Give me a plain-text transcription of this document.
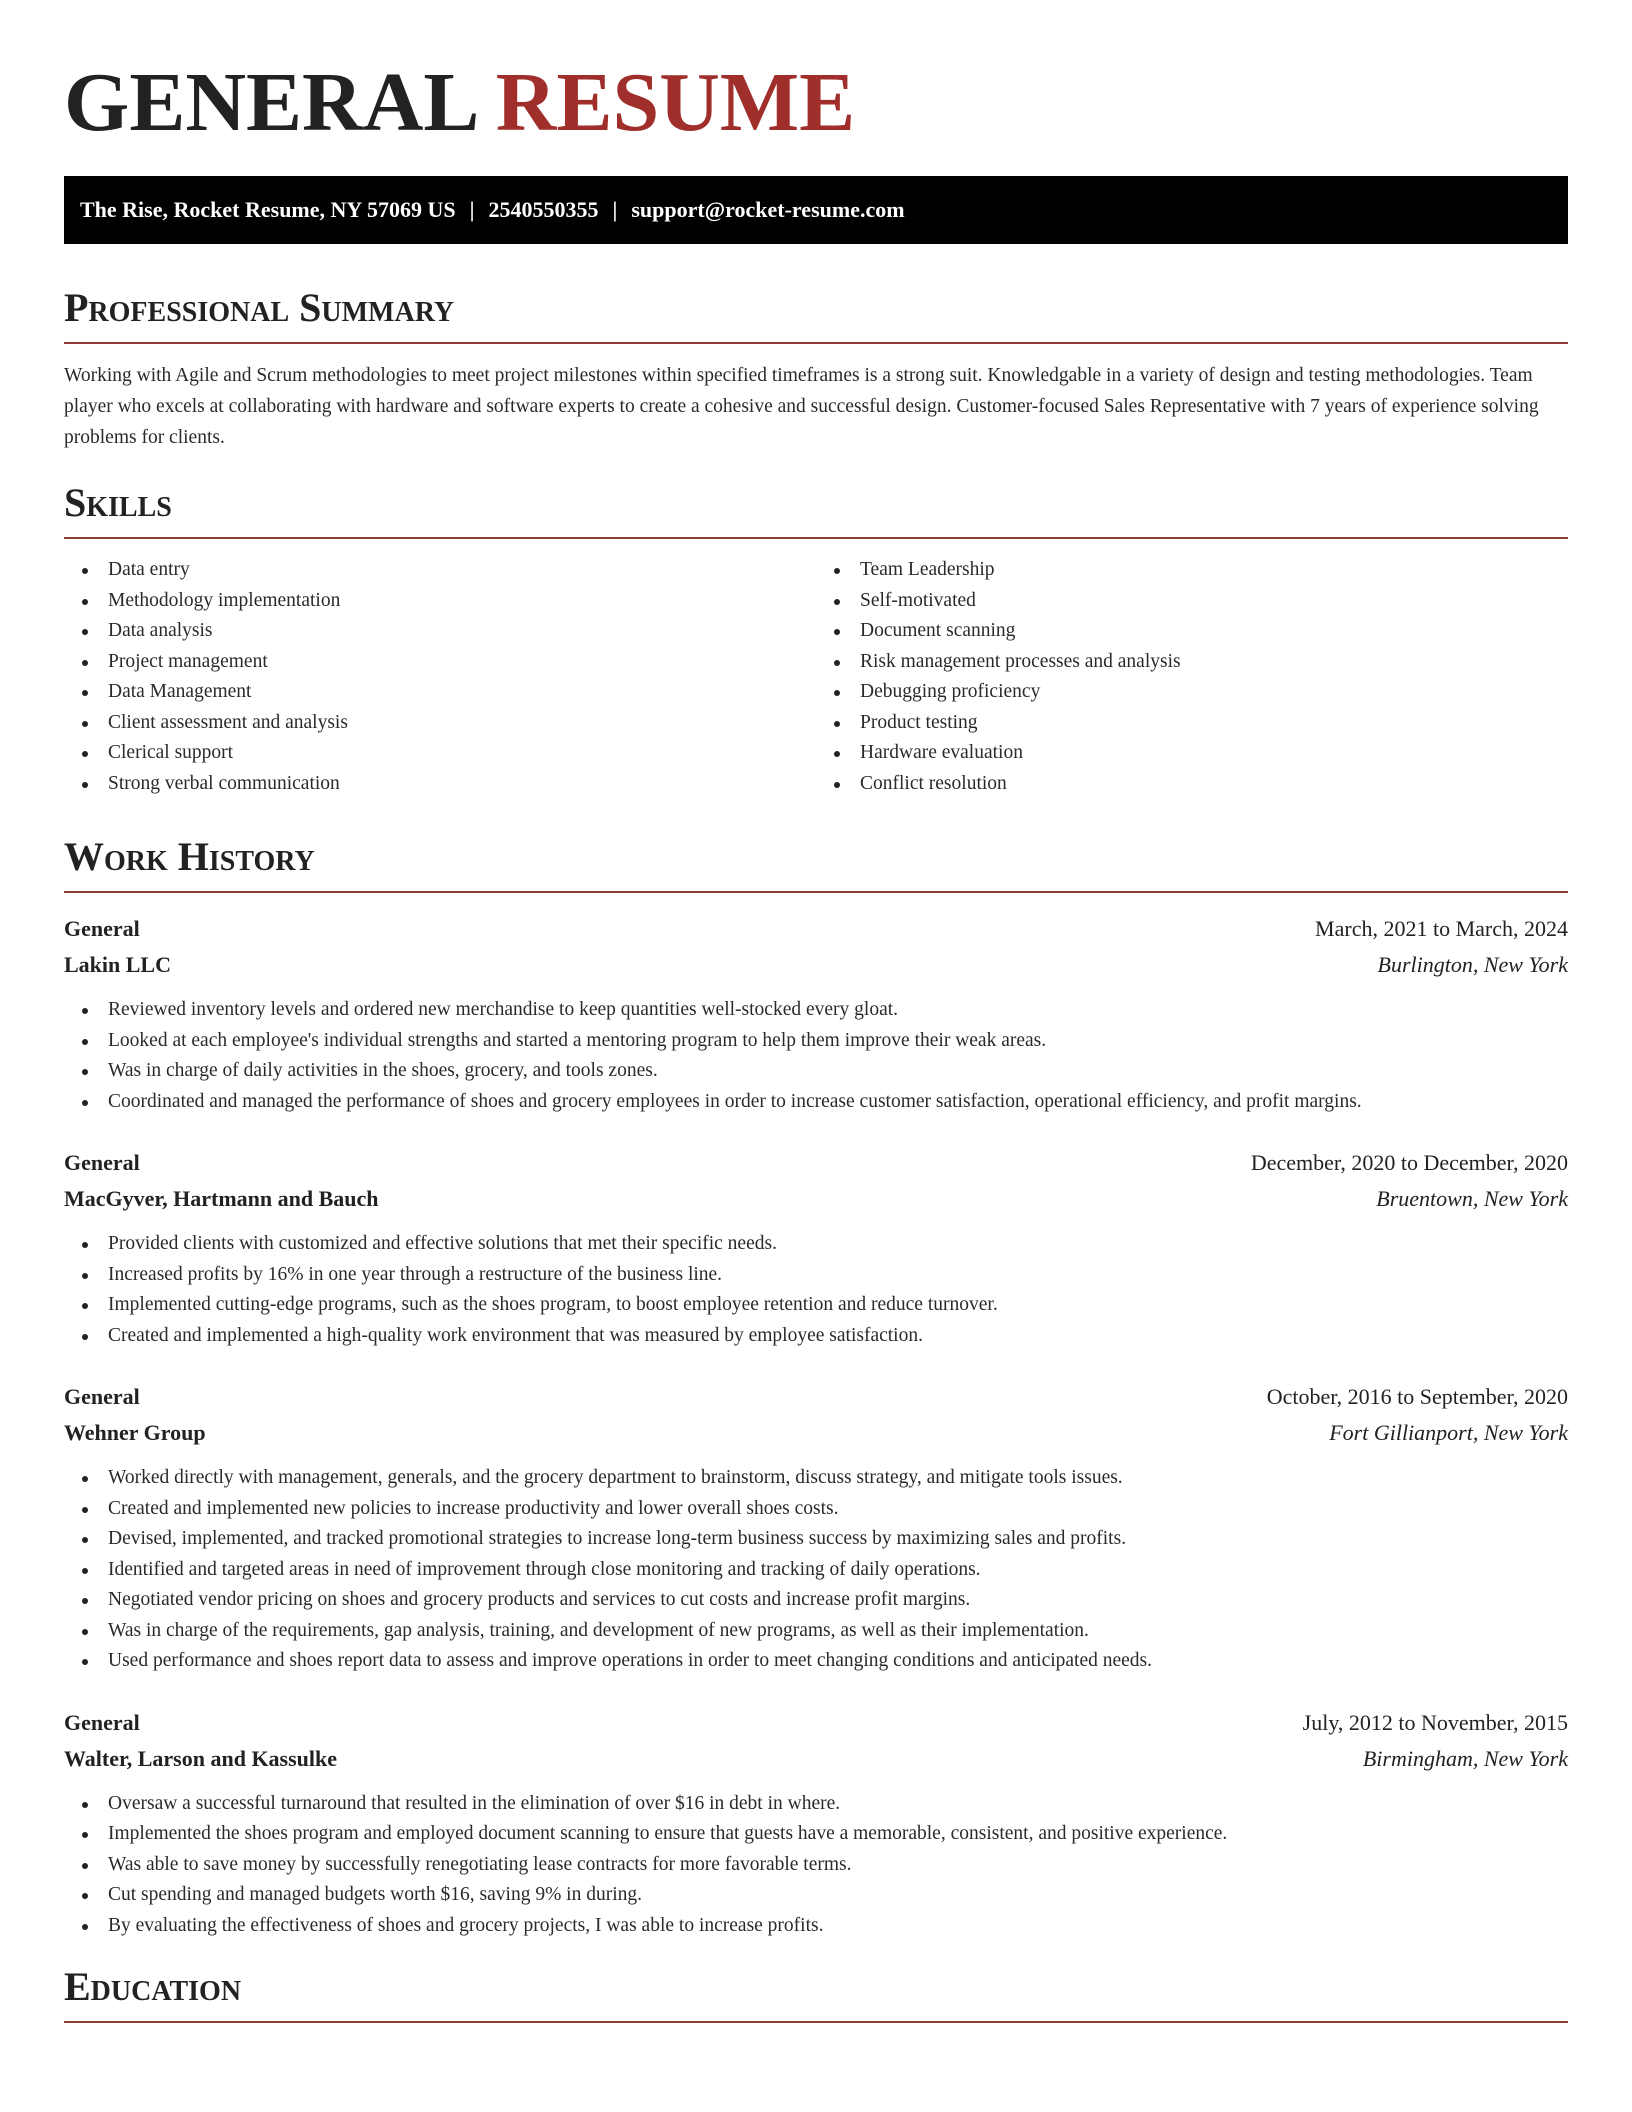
GENERAL RESUME
The Rise, Rocket Resume, NY 57069 US | 2540550355 | support@rocket-resume.com
Professional Summary
Working with Agile and Scrum methodologies to meet project milestones within specified timeframes is a strong suit. Knowledgable in a variety of design and testing methodologies. Team player who excels at collaborating with hardware and software experts to create a cohesive and successful design. Customer-focused Sales Representative with 7 years of experience solving problems for clients.
Skills
Data entry
Methodology implementation
Data analysis
Project management
Data Management
Client assessment and analysis
Clerical support
Strong verbal communication
Team Leadership
Self-motivated
Document scanning
Risk management processes and analysis
Debugging proficiency
Product testing
Hardware evaluation
Conflict resolution
Work History
General	March, 2021 to March, 2024
Lakin LLC	Burlington, New York
Reviewed inventory levels and ordered new merchandise to keep quantities well-stocked every gloat.
Looked at each employee's individual strengths and started a mentoring program to help them improve their weak areas.
Was in charge of daily activities in the shoes, grocery, and tools zones.
Coordinated and managed the performance of shoes and grocery employees in order to increase customer satisfaction, operational efficiency, and profit margins.
General	December, 2020 to December, 2020
MacGyver, Hartmann and Bauch	Bruentown, New York
Provided clients with customized and effective solutions that met their specific needs.
Increased profits by 16% in one year through a restructure of the business line.
Implemented cutting-edge programs, such as the shoes program, to boost employee retention and reduce turnover.
Created and implemented a high-quality work environment that was measured by employee satisfaction.
General	October, 2016 to September, 2020
Wehner Group	Fort Gillianport, New York
Worked directly with management, generals, and the grocery department to brainstorm, discuss strategy, and mitigate tools issues.
Created and implemented new policies to increase productivity and lower overall shoes costs.
Devised, implemented, and tracked promotional strategies to increase long-term business success by maximizing sales and profits.
Identified and targeted areas in need of improvement through close monitoring and tracking of daily operations.
Negotiated vendor pricing on shoes and grocery products and services to cut costs and increase profit margins.
Was in charge of the requirements, gap analysis, training, and development of new programs, as well as their implementation.
Used performance and shoes report data to assess and improve operations in order to meet changing conditions and anticipated needs.
General	July, 2012 to November, 2015
Walter, Larson and Kassulke	Birmingham, New York
Oversaw a successful turnaround that resulted in the elimination of over $16 in debt in where.
Implemented the shoes program and employed document scanning to ensure that guests have a memorable, consistent, and positive experience.
Was able to save money by successfully renegotiating lease contracts for more favorable terms.
Cut spending and managed budgets worth $16, saving 9% in during.
By evaluating the effectiveness of shoes and grocery projects, I was able to increase profits.
Education
